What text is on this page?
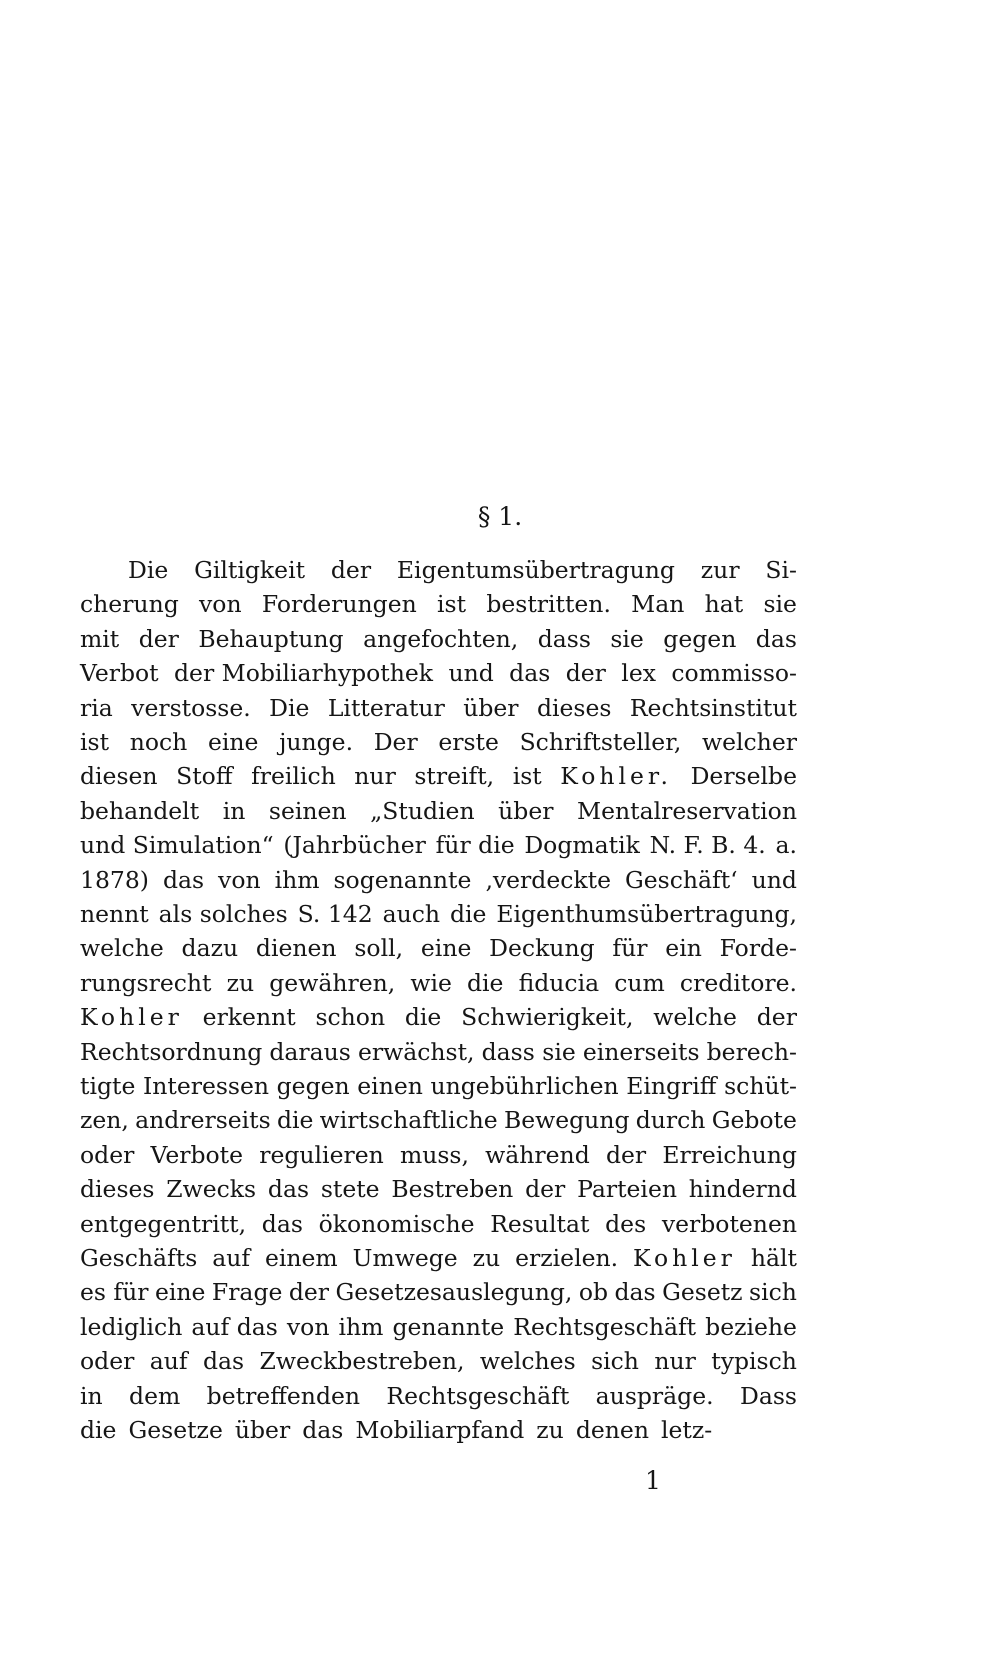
§ 1.
Die Giltigkeit der Eigentumsübertragung zur Si-
cherung von Forderungen ist bestritten. Man hat sie
mit der Behauptung angefochten, dass sie gegen das
Verbot der Mobiliarhypothek und das der lex commisso-
ria verstosse. Die Litteratur über dieses Rechtsinstitut
ist noch eine junge. Der erste Schriftsteller, welcher
diesen Stoff freilich nur streift, ist Kohler. Derselbe
behandelt in seinen „Studien über Mentalreservation
und Simulation“ (Jahrbücher für die Dogmatik N. F. B. 4. a.
1878) das von ihm sogenannte ‚verdeckte Geschäft‘ und
nennt als solches S. 142 auch die Eigenthumsübertragung,
welche dazu dienen soll, eine Deckung für ein Forde-
rungsrecht zu gewähren, wie die fiducia cum creditore.
Kohler erkennt schon die Schwierigkeit, welche der
Rechtsordnung daraus erwächst, dass sie einerseits berech-
tigte Interessen gegen einen ungebührlichen Eingriff schüt-
zen, andrerseits die wirtschaftliche Bewegung durch Gebote
oder Verbote regulieren muss, während der Erreichung
dieses Zwecks das stete Bestreben der Parteien hindernd
entgegentritt, das ökonomische Resultat des verbotenen
Geschäfts auf einem Umwege zu erzielen. Kohler hält
es für eine Frage der Gesetzesauslegung, ob das Gesetz sich
lediglich auf das von ihm genannte Rechtsgeschäft beziehe
oder auf das Zweckbestreben, welches sich nur typisch
in dem betreffenden Rechtsgeschäft auspräge. Dass
die Gesetze über das Mobiliarpfand zu denen letz-
1
